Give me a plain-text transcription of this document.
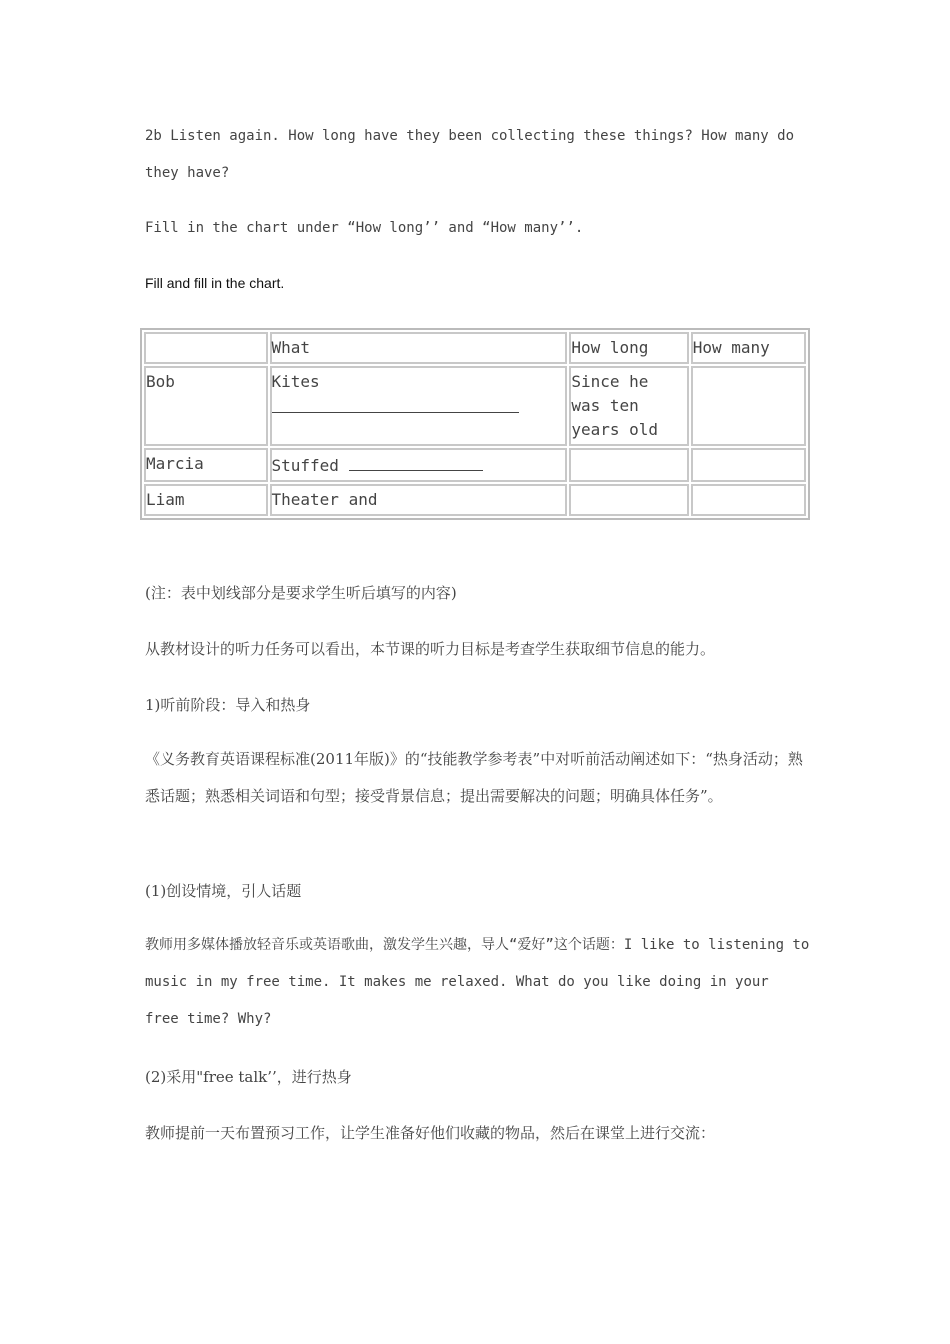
2b Listen again. How long have they been collecting these things? How many do
they have?
Fill in the chart under “How long’’ and “How many’’.
Fill and fill in the chart.
	What	How long	How many
Bob	Kites	Since he was ten years old	
Marcia	Stuffed		
Liam	Theater and		
(注：表中划线部分是要求学生听后填写的内容)
从教材设计的听力任务可以看出，本节课的听力目标是考查学生获取细节信息的能力。
1)听前阶段：导入和热身
《义务教育英语课程标准(2011年版)》的“技能教学参考表”中对听前活动阐述如下：“热身活动；熟悉话题；熟悉相关词语和句型；接受背景信息；提出需要解决的问题；明确具体任务”。
(1)创设情境，引人话题
教师用多媒体播放轻音乐或英语歌曲，激发学生兴趣，导人“爱好”这个话题：I like to listening to music in my free time. It makes me relaxed. What do you like doing in your free time? Why?
(2)采用"free talk’’，进行热身
教师提前一天布置预习工作，让学生准备好他们收藏的物品，然后在课堂上进行交流：
